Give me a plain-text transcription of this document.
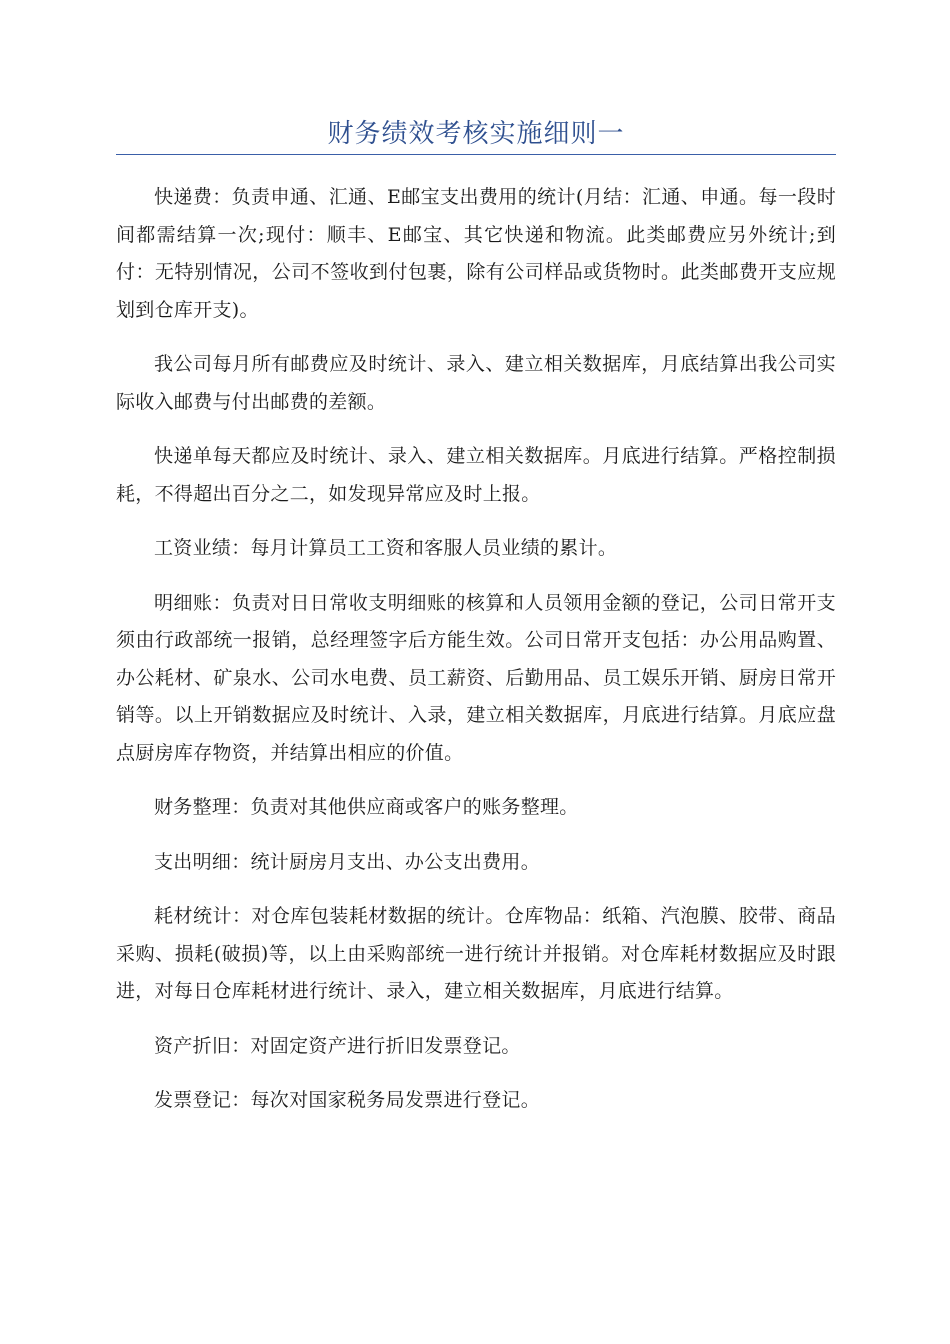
财务绩效考核实施细则一

快递费：负责申通、汇通、E邮宝支出费用的统计(月结：汇通、申通。每一段时间都需结算一次;现付：顺丰、E邮宝、其它快递和物流。此类邮费应另外统计;到付：无特别情况，公司不签收到付包裹，除有公司样品或货物时。此类邮费开支应规划到仓库开支)。

我公司每月所有邮费应及时统计、录入、建立相关数据库，月底结算出我公司实际收入邮费与付出邮费的差额。

快递单每天都应及时统计、录入、建立相关数据库。月底进行结算。严格控制损耗，不得超出百分之二，如发现异常应及时上报。

工资业绩：每月计算员工工资和客服人员业绩的累计。

明细账：负责对日日常收支明细账的核算和人员领用金额的登记，公司日常开支须由行政部统一报销，总经理签字后方能生效。公司日常开支包括：办公用品购置、办公耗材、矿泉水、公司水电费、员工薪资、后勤用品、员工娱乐开销、厨房日常开销等。以上开销数据应及时统计、入录，建立相关数据库，月底进行结算。月底应盘点厨房库存物资，并结算出相应的价值。

财务整理：负责对其他供应商或客户的账务整理。

支出明细：统计厨房月支出、办公支出费用。

耗材统计：对仓库包装耗材数据的统计。仓库物品：纸箱、汽泡膜、胶带、商品采购、损耗(破损)等，以上由采购部统一进行统计并报销。对仓库耗材数据应及时跟进，对每日仓库耗材进行统计、录入，建立相关数据库，月底进行结算。

资产折旧：对固定资产进行折旧发票登记。

发票登记：每次对国家税务局发票进行登记。
